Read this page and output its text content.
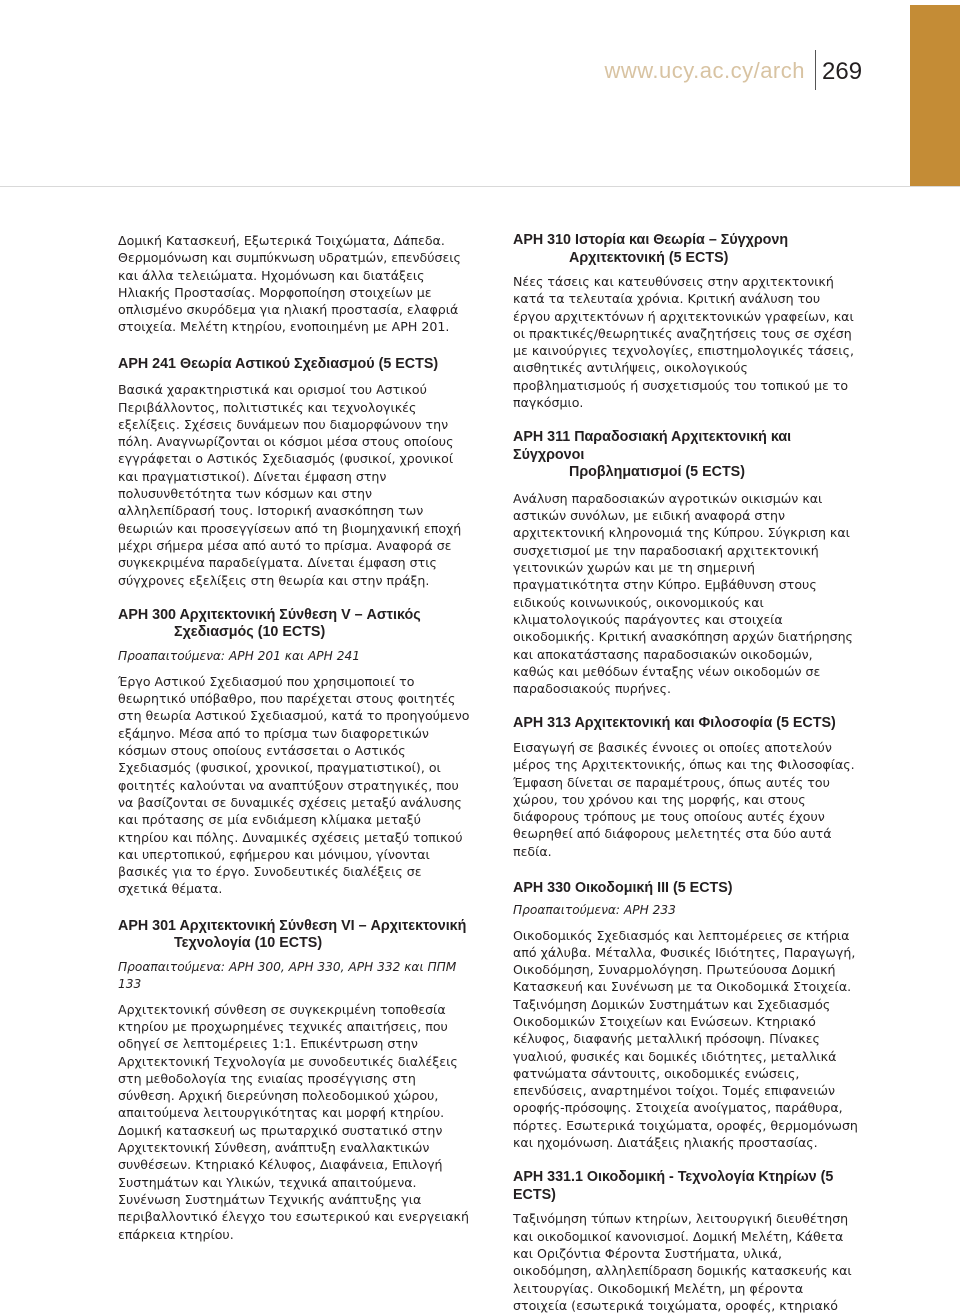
www.ucy.ac.cy/arch 269

Δομική Κατασκευή, Εξωτερικά Τοιχώματα, Δάπεδα. Θερμομόνωση και συμπύκνωση υδρατμών, επενδύσεις και άλλα τελειώματα. Ηχομόνωση και διατάξεις Ηλιακής Προστασίας. Μορφοποίηση στοιχείων με οπλισμένο σκυρόδεμα για ηλιακή προστασία, ελαφριά στοιχεία. Μελέτη κτηρίου, ενοποιημένη με ΑΡΗ 201.

ΑΡΗ 241 Θεωρία Αστικού Σχεδιασμού (5 ECTS)

Βασικά χαρακτηριστικά και ορισμοί του Αστικού Περιβάλλοντος, πολιτιστικές και τεχνολογικές εξελίξεις. Σχέσεις δυνάμεων που διαμορφώνουν την πόλη. Αναγνωρίζονται οι κόσμοι μέσα στους οποίους εγγράφεται ο Αστικός Σχεδιασμός (φυσικοί, χρονικοί και πραγματιστικοί). Δίνεται έμφαση στην πολυσυνθετότητα των κόσμων και στην αλληλεπίδρασή τους. Ιστορική ανασκόπηση των θεωριών και προσεγγίσεων από τη βιομηχανική εποχή μέχρι σήμερα μέσα από αυτό το πρίσμα. Αναφορά σε συγκεκριμένα παραδείγματα. Δίνεται έμφαση στις σύγχρονες εξελίξεις στη θεωρία και στην πράξη.

ΑΡΗ 300 Αρχιτεκτονική Σύνθεση V – Αστικός
Σχεδιασμός (10 ECTS)

Προαπαιτούμενα: ΑΡΗ 201 και ΑΡΗ 241

Έργο Αστικού Σχεδιασμού που χρησιμοποιεί το θεωρητικό υπόβαθρο, που παρέχεται στους φοιτητές στη θεωρία Αστικού Σχεδιασμού, κατά το προηγούμενο εξάμηνο. Μέσα από το πρίσμα των διαφορετικών κόσμων στους οποίους εντάσσεται ο Αστικός Σχεδιασμός (φυσικοί, χρονικοί, πραγματιστικοί), οι φοιτητές καλούνται να αναπτύξουν στρατηγικές, που να βασίζονται σε δυναμικές σχέσεις μεταξύ ανάλυσης και πρότασης σε μία ενδιάμεση κλίμακα μεταξύ κτηρίου και πόλης. Δυναμικές σχέσεις μεταξύ τοπικού και υπερτοπικού, εφήμερου και μόνιμου, γίνονται βασικές για το έργο. Συνοδευτικές διαλέξεις σε σχετικά θέματα.

ΑΡΗ 301 Αρχιτεκτονική Σύνθεση VI – Αρχιτεκτονική
Τεχνολογία (10 ECTS)

Προαπαιτούμενα: ΑΡΗ 300, ΑΡΗ 330, ΑΡΗ 332 και ΠΠΜ 133

Αρχιτεκτονική σύνθεση σε συγκεκριμένη τοποθεσία κτηρίου με προχωρημένες τεχνικές απαιτήσεις, που οδηγεί σε λεπτομέρειες 1:1. Επικέντρωση στην Αρχιτεκτονική Τεχνολογία με συνοδευτικές διαλέξεις στη μεθοδολογία της ενιαίας προσέγγισης στη σύνθεση. Αρχική διερεύνηση πολεοδομικού χώρου, απαιτούμενα λειτουργικότητας και μορφή κτηρίου. Δομική κατασκευή ως πρωταρχικό συστατικό στην Αρχιτεκτονική Σύνθεση, ανάπτυξη εναλλακτικών συνθέσεων. Κτηριακό Κέλυφος, Διαφάνεια, Επιλογή Συστημάτων και Υλικών, τεχνικά απαιτούμενα. Συνένωση Συστημάτων Τεχνικής ανάπτυξης για περιβαλλοντικό έλεγχο του εσωτερικού και ενεργειακή επάρκεια κτηρίου.

ΑΡΗ 310 Ιστορία και Θεωρία – Σύγχρονη
Αρχιτεκτονική (5 ECTS)

Νέες τάσεις και κατευθύνσεις στην αρχιτεκτονική κατά τα τελευταία χρόνια. Κριτική ανάλυση του έργου αρχιτεκτόνων ή αρχιτεκτονικών γραφείων, και οι πρακτικές/θεωρητικές αναζητήσεις τους σε σχέση με καινούργιες τεχνολογίες, επιστημολογικές τάσεις, αισθητικές αντιλήψεις, οικολογικούς προβληματισμούς ή συσχετισμούς του τοπικού με το παγκόσμιο.

ΑΡΗ 311 Παραδοσιακή Αρχιτεκτονική και Σύγχρονοι
Προβληματισμοί (5 ECTS)

Ανάλυση παραδοσιακών αγροτικών οικισμών και αστικών συνόλων, με ειδική αναφορά στην αρχιτεκτονική κληρονομιά της Κύπρου. Σύγκριση και συσχετισμοί με την παραδοσιακή αρχιτεκτονική γειτονικών χωρών και με τη σημερινή πραγματικότητα στην Κύπρο. Εμβάθυνση στους ειδικούς κοινωνικούς, οικονομικούς και κλιματολογικούς παράγοντες και στοιχεία οικοδομικής. Κριτική ανασκόπηση αρχών διατήρησης και αποκατάστασης παραδοσιακών οικοδομών, καθώς και μεθόδων ένταξης νέων οικοδομών σε παραδοσιακούς πυρήνες.

ΑΡΗ 313 Αρχιτεκτονική και Φιλοσοφία (5 ECTS)

Εισαγωγή σε βασικές έννοιες οι οποίες αποτελούν μέρος της Αρχιτεκτονικής, όπως και της Φιλοσοφίας. Έμφαση δίνεται σε παραμέτρους, όπως αυτές του χώρου, του χρόνου και της μορφής, και στους διάφορους τρόπους με τους οποίους αυτές έχουν θεωρηθεί από διάφορους μελετητές στα δύο αυτά πεδία.

ΑΡΗ 330 Οικοδομική ΙΙΙ (5 ECTS)

Προαπαιτούμενα: ΑΡΗ 233

Οικοδομικός Σχεδιασμός και λεπτομέρειες σε κτήρια από χάλυβα. Μέταλλα, Φυσικές Ιδιότητες, Παραγωγή, Οικοδόμηση, Συναρμολόγηση. Πρωτεύουσα Δομική Κατασκευή και Συνένωση με τα Οικοδομικά Στοιχεία. Ταξινόμηση Δομικών Συστημάτων και Σχεδιασμός Οικοδομικών Στοιχείων και Ενώσεων. Κτηριακό κέλυφος, διαφανής μεταλλική πρόσοψη. Πίνακες γυαλιού, φυσικές και δομικές ιδιότητες, μεταλλικά φατνώματα σάντουιτς, οικοδομικές ενώσεις, επενδύσεις, αναρτημένοι τοίχοι. Τομές επιφανειών οροφής-πρόσοψης. Στοιχεία ανοίγματος, παράθυρα, πόρτες. Εσωτερικά τοιχώματα, οροφές, θερμομόνωση και ηχομόνωση. Διατάξεις ηλιακής προστασίας.

ΑΡΗ 331.1 Οικοδομική - Τεχνολογία Κτηρίων (5 ECTS)

Ταξινόμηση τύπων κτηρίων, λειτουργική διευθέτηση και οικοδομικοί κανονισμοί. Δομική Μελέτη, Κάθετα και Οριζόντια Φέροντα Συστήματα, υλικά, οικοδόμηση, αλληλεπίδραση δομικής κατασκευής και λειτουργίας. Οικοδομική Μελέτη, μη φέροντα στοιχεία (εσωτερικά τοιχώματα, οροφές, κτηριακό
